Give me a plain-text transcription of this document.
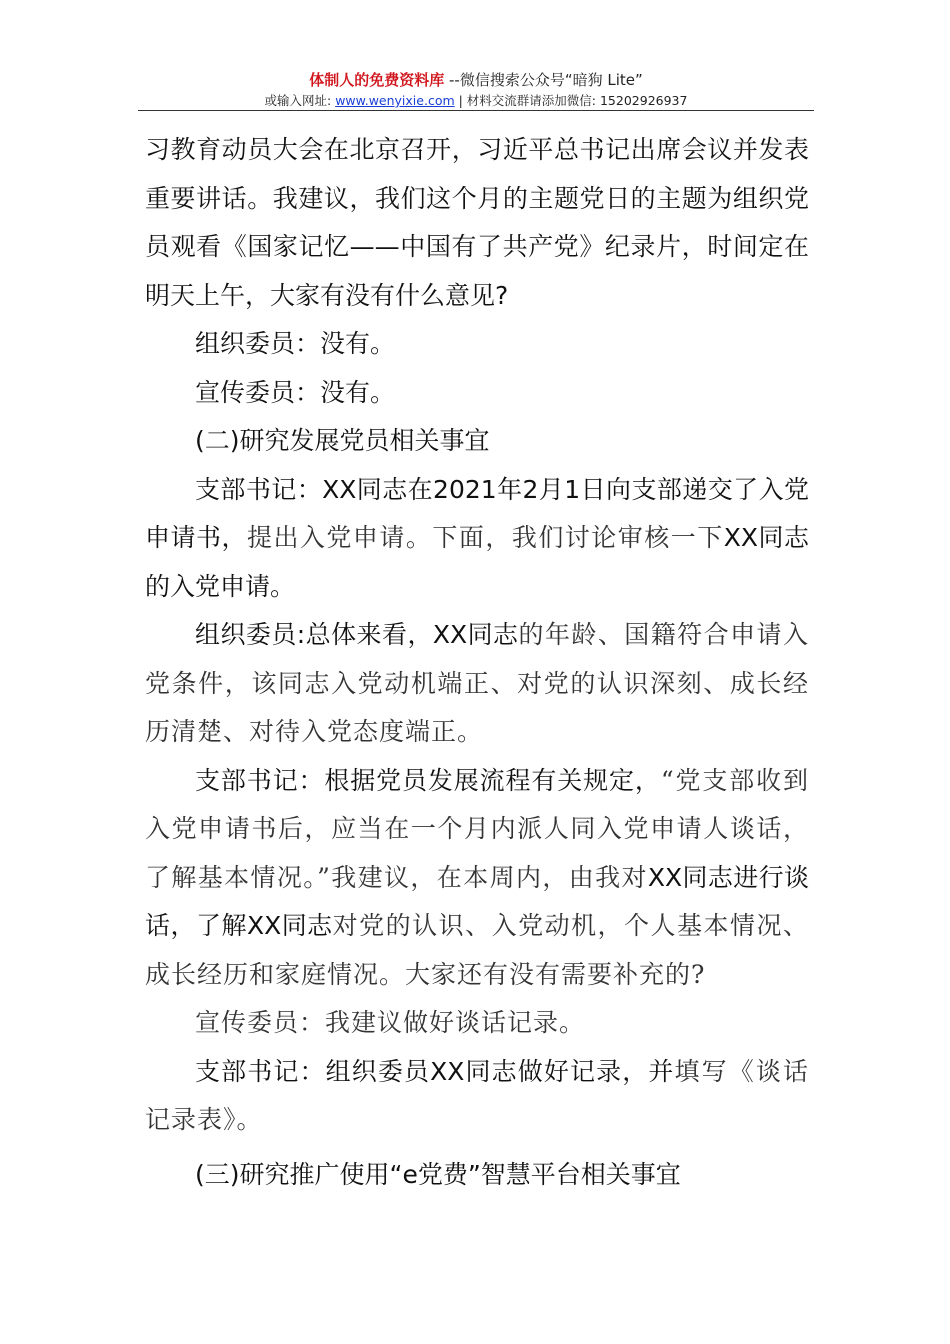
体制人的免费资料库 --微信搜索公众号“暗狗 Lite”
或输入网址: www.wenyixie.com | 材料交流群请添加微信: 15202926937

习教育动员大会在北京召开，习近平总书记出席会议并发表重要讲话。我建议，我们这个月的主题党日的主题为组织党员观看《国家记忆——中国有了共产党》纪录片，时间定在明天上午，大家有没有什么意见?

组织委员：没有。

宣传委员：没有。

(二)研究发展党员相关事宜

支部书记：XX同志在2021年2月1日向支部递交了入党申请书，提出入党申请。下面，我们讨论审核一下XX同志的入党申请。

组织委员:总体来看，XX同志的年龄、国籍符合申请入党条件，该同志入党动机端正、对党的认识深刻、成长经历清楚、对待入党态度端正。

支部书记：根据党员发展流程有关规定，“党支部收到入党申请书后，应当在一个月内派人同入党申请人谈话，了解基本情况。”我建议，在本周内，由我对XX同志进行谈话，了解XX同志对党的认识、入党动机，个人基本情况、成长经历和家庭情况。大家还有没有需要补充的?

宣传委员：我建议做好谈话记录。

支部书记：组织委员XX同志做好记录，并填写《谈话记录表》。

(三)研究推广使用“e党费”智慧平台相关事宜
